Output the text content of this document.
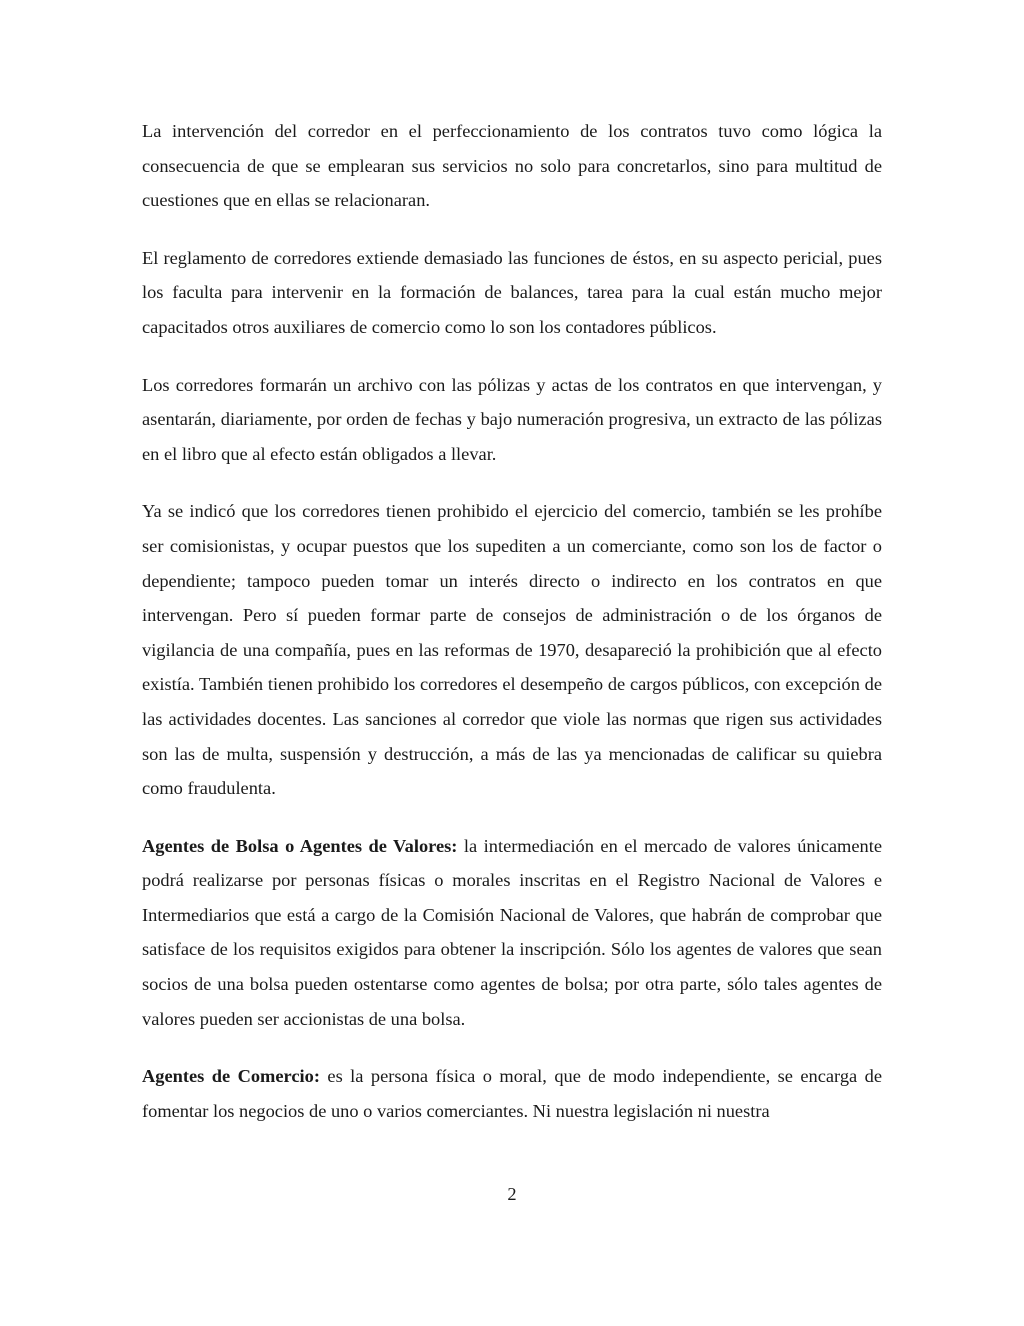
La intervención del corredor en el perfeccionamiento de los contratos tuvo como lógica la consecuencia de que se emplearan sus servicios no solo para concretarlos, sino para multitud de cuestiones que en ellas se relacionaran.

El reglamento de corredores extiende demasiado las funciones de éstos, en su aspecto pericial, pues los faculta para intervenir en la formación de balances, tarea para la cual están mucho mejor capacitados otros auxiliares de comercio como lo son los contadores públicos.

Los corredores formarán un archivo con las pólizas y actas de los contratos en que intervengan, y asentarán, diariamente, por orden de fechas y bajo numeración progresiva, un extracto de las pólizas en el libro que al efecto están obligados a llevar.

Ya se indicó que los corredores tienen prohibido el ejercicio del comercio, también se les prohíbe ser comisionistas, y ocupar puestos que los supediten a un comerciante, como son los de factor o dependiente; tampoco pueden tomar un interés directo o indirecto en los contratos en que intervengan. Pero sí pueden formar parte de consejos de administración o de los órganos de vigilancia de una compañía, pues en las reformas de 1970, desapareció la prohibición que al efecto existía. También tienen prohibido los corredores el desempeño de cargos públicos, con excepción de las actividades docentes. Las sanciones al corredor que viole las normas que rigen sus actividades son las de multa, suspensión y destrucción, a más de las ya mencionadas de calificar su quiebra como fraudulenta.

Agentes de Bolsa o Agentes de Valores: la intermediación en el mercado de valores únicamente podrá realizarse por personas físicas o morales inscritas en el Registro Nacional de Valores e Intermediarios que está a cargo de la Comisión Nacional de Valores, que habrán de comprobar que satisface de los requisitos exigidos para obtener la inscripción. Sólo los agentes de valores que sean socios de una bolsa pueden ostentarse como agentes de bolsa; por otra parte, sólo tales agentes de valores pueden ser accionistas de una bolsa.

Agentes de Comercio: es la persona física o moral, que de modo independiente, se encarga de fomentar los negocios de uno o varios comerciantes. Ni nuestra legislación ni nuestra

2
